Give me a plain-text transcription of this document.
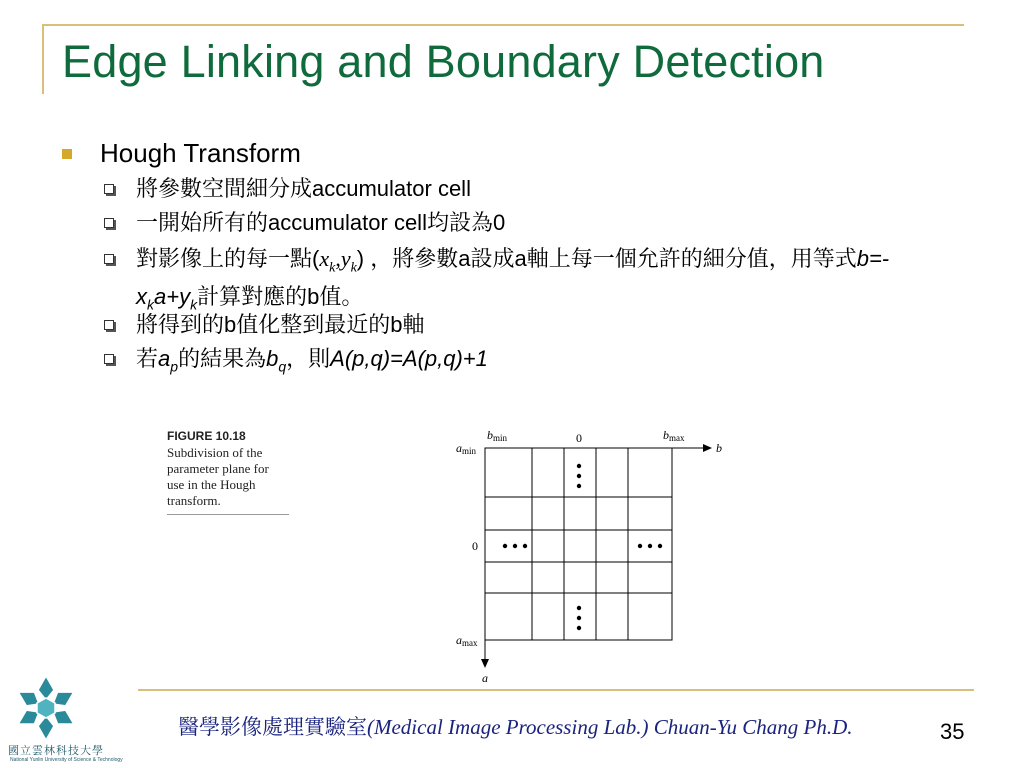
Edge Linking and Boundary Detection
Hough Transform
將參數空間細分成accumulator cell
一開始所有的accumulator cell均設為0
對影像上的每一點$(x_k,y_k)$ ，將參數a設成a軸上每一個允許的細分值，用等式$b=-x_ka+y_k$計算對應的b值。
將得到的b值化整到最近的b軸
若$a_p$的結果為$b_q$，則A(p,q)=A(p,q)+1
FIGURE 10.18
Subdivision of the parameter plane for use in the Hough transform.
amin
amax
bmin	bmax
0
0
b
a
國立雲林科技大學
National Yunlin University of Science & Technology
醫學影像處理實驗室(Medical Image Processing Lab.) Chuan-Yu Chang Ph.D.	35
